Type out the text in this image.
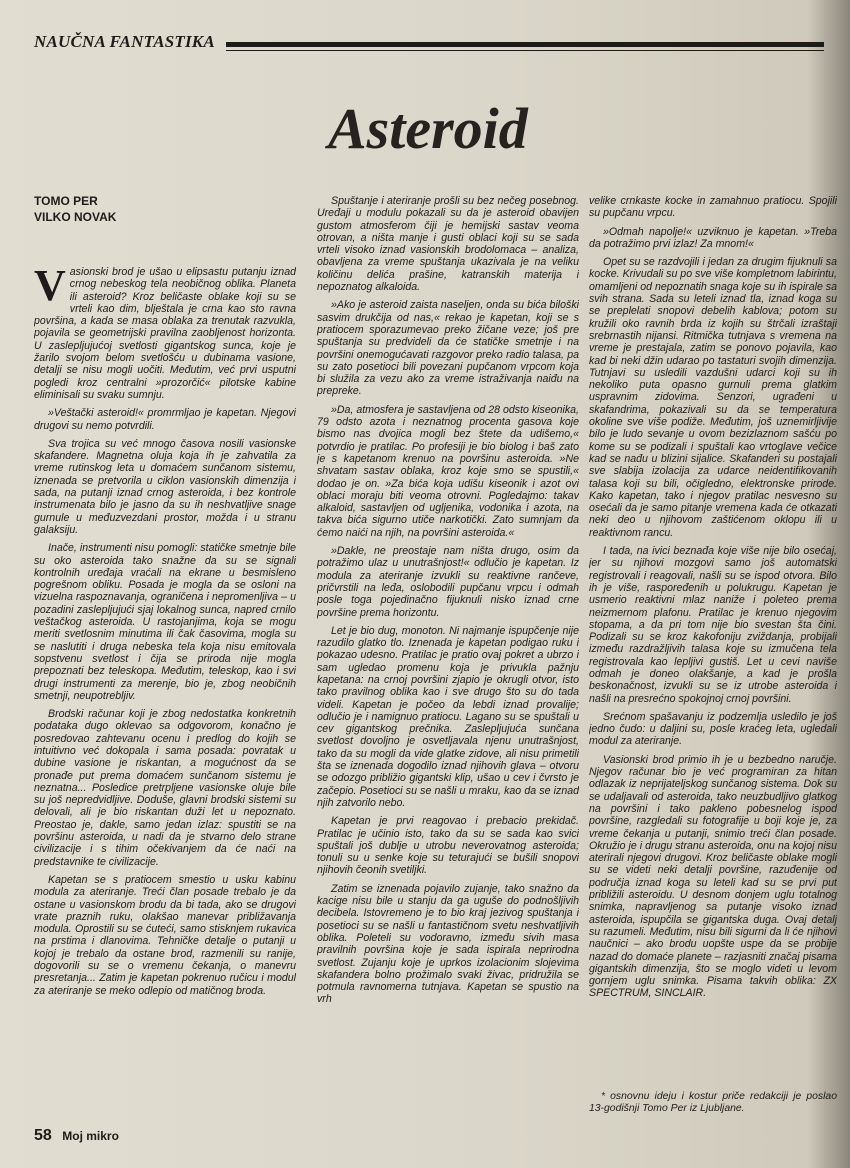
NAUČNA FANTASTIKA
Asteroid
TOMO PER
VILKO NOVAK

Vasionski brod je ušao u elipsastu putanju iznad crnog nebeskog tela neobičnog oblika. Planeta ili asteroid? Kroz beličaste oblake koji su se vrteli kao dim, blještala je crna kao sto ravna površina, a kada se masa oblaka za trenutak razvukla, pojavila se geometrijski pravilna zaobljenost horizonta. U zaslepljujućoj svetlosti gigantskog sunca, koje je žarilo svojom belom svetlošću u dubinama vasione, detalji se nisu mogli uočiti. Međutim, već prvi usputni pogledi kroz centralni »prozorčić« pilotske kabine eliminisali su svaku sumnju.

»Veštački asteroid!« promrmljao je kapetan. Njegovi drugovi su nemo potvrdili.

Sva trojica su već mnogo časova nosili vasionske skafandere. Magnetna oluja koja ih je zahvatila za vreme rutinskog leta u domaćem sunčanom sistemu, iznenada se pretvorila u ciklon vasionskih dimenzija i sada, na putanji iznad crnog asteroida, i bez kontrole instrumenata bilo je jasno da su ih neshvatljive snage gurnule u međuzvezdani prostor, možda i u stranu galaksiju.

Inače, instrumenti nisu pomogli: statičke smetnje bile su oko asteroida tako snažne da su se signali kontrolnih uređaja vraćali na ekrane u besmisleno pogrešnom obliku. Posada je mogla da se osloni na vizuelna raspoznavanja, ograničena i nepromenljiva – u pozadini zaslepljujući sjaj lokalnog sunca, napred crnilo veštačkog asteroida. U rastojanjima, koja se mogu meriti svetlosnim minutima ili čak časovima, mogla su se naslutiti i druga nebeska tela koja nisu emitovala sopstvenu svetlost i čija se priroda nije mogla prepoznati bez teleskopa. Međutim, teleskop, kao i svi drugi instrumenti za merenje, bio je, zbog neobičnih smetnji, neupotrebljiv.

Brodski računar koji je zbog nedostatka konkretnih podataka dugo oklevao sa odgovorom, konačno je posredovao zahtevanu ocenu i predlog do kojih se intuitivno već dokopala i sama posada: povratak u dubine vasione je riskantan, a mogućnost da se pronađe put prema domaćem sunčanom sistemu je neznatna... Posledice pretrpljene vasionske oluje bile su još nepredvidljive. Doduše, glavni brodski sistemi su delovali, ali je bio riskantan duži let u nepoznato. Preostao je, dakle, samo jedan izlaz: spustiti se na površinu asteroida, u nadi da je stvarno delo strane civilizacije i s tihim očekivanjem da će naći na predstavnike te civilizacije.

Kapetan se s pratiocem smestio u usku kabinu modula za ateriranje. Treći član posade trebalo je da ostane u vasionskom brodu da bi tada, ako se drugovi vrate praznih ruku, olakšao manevar približavanja modula. Oprostili su se ćuteći, samo stisknjem rukavica na prstima i dlanovima. Tehničke detalje o putanji u kojoj je trebalo da ostane brod, razmenili su ranije, dogovorili su se o vremenu čekanja, o manevru presretanja... Zatim je kapetan pokrenuo ručicu i modul za ateriranje se meko odlepio od matičnog broda.

Spuštanje i ateriranje prošli su bez nečeg posebnog. Uređaji u modulu pokazali su da je asteroid obavijen gustom atmosferom čiji je hemijski sastav veoma otrovan, a ništa manje i gusti oblaci koji su se sada vrteli visoko iznad vasionskih brodolomaca – analiza, obavljena za vreme spuštanja ukazivala je na veliku količinu delića prašine, katranskih materija i nepoznatog alkaloida.

»Ako je asteroid zaista naseljen, onda su bića biloški sasvim drukčija od nas,« rekao je kapetan, koji se s pratiocem sporazumevao preko žičane veze; još pre spuštanja su predvideli da će statičke smetnje i na površini onemogućavati razgovor preko radio talasa, pa su zato posetioci bili povezani pupčanom vrpcom koja bi služila za vezu ako za vreme istraživanja naiđu na prepreke.

»Da, atmosfera je sastavljena od 28 odsto kiseonika, 79 odsto azota i neznatnog procenta gasova koje bismo nas dvojica mogli bez štete da udišemo,« potvrdio je pratilac. Po profesiji je bio biolog i baš zato je s kapetanom krenuo na površinu asteroida. »Ne shvatam sastav oblaka, kroz koje smo se spustili,« dodao je on. »Za bića koja udišu kiseonik i azot ovi oblaci moraju biti veoma otrovni. Pogledajmo: takav alkaloid, sastavljen od ugljenika, vodonika i azota, na takva bića sigurno utiče narkotički. Zato sumnjam da ćemo naići na njih, na površini asteroida.«

»Dakle, ne preostaje nam ništa drugo, osim da potražimo ulaz u unutrašnjost!« odlučio je kapetan. Iz modula za ateriranje izvukli su reaktivne rančeve, pričvrstili na leđa, oslobodili pupčanu vrpcu i odmah posle toga pojedinačno fijuknuli nisko iznad crne površine prema horizontu.

Let je bio dug, monoton. Ni najmanje ispupčenje nije razudilo glatko tlo. Iznenada je kapetan podigao ruku i pokazao udesno. Pratilac je pratio ovaj pokret a ubrzo i sam ugledao promenu koja je privukla pažnju kapetana: na crnoj površini zjapio je okrugli otvor, isto tako pravilnog oblika kao i sve drugo što su do tada videli. Kapetan je počeo da lebdi iznad provalije; odlučio je i namignuo pratiocu. Lagano su se spuštali u cev gigantskog prečnika. Zaslepljujuća sunčana svetlost dovoljno je osvetljavala njenu unutrašnjost, tako da su mogli da vide glatke zidove, ali nisu primetili šta se iznenada dogodilo iznad njihovih glava – otvoru se odozgo približio gigantski klip, ušao u cev i čvrsto je začepio. Posetioci su se našli u mraku, kao da se iznad njih zatvorilo nebo.

Kapetan je prvi reagovao i prebacio prekidač. Pratilac je učinio isto, tako da su se sada kao svici spuštali još dublje u utrobu neverovatnog asteroida; tonuli su u senke koje su teturajući se bušili snopovi njihovih čeonih svetiljki.

Zatim se iznenada pojavilo zujanje, tako snažno da kacige nisu bile u stanju da ga uguše do podnošljivih decibela. Istovremeno je to bio kraj jezivog spuštanja i posetioci su se našli u fantastičnom svetu neshvatljivih oblika. Poleteli su vodoravno, između sivih masa pravilnih površina koje je sada ispirala neprirodna svetlost. Zujanju koje je uprkos izolacionim slojevima skafandera bolno prožimalo svaki živac, pridružila se potmula ravnomerna tutnjava. Kapetan se spustio na vrh

velike crnkaste kocke in zamahnuo pratiocu. Spojili su pupčanu vrpcu.

»Odmah napolje!« uzviknuo je kapetan. »Treba da potražimo prvi izlaz! Za mnom!«

Opet su se razdvojili i jedan za drugim fijuknuli sa kocke. Krivudali su po sve više kompletnom labirintu, omamljeni od nepoznatih snaga koje su ih ispirale sa svih strana. Sada su leteli iznad tla, iznad koga su se preplelati snopovi debelih kablova; potom su kružili oko ravnih brda iz kojih su štrčali izraštaji srebrnastih nijansi. Ritmička tutnjava s vremena na vreme je prestajala, zatim se ponovo pojavila, kao kad bi neki džin udarao po tastaturi svojih dimenzija. Tutnjavi su usledili vazdušni udarci koji su ih nekoliko puta opasno gurnuli prema glatkim uspravnim zidovima. Senzori, ugrađeni u skafandrima, pokazivali su da se temperatura okoline sve više podiže. Međutim, još uznemirljivije bilo je ludo sevanje u ovom bezizlaznom sašću po kome su se podizali i spuštali kao vrtoglave večice kad se nađu u blizini sijalice. Skafanderi su postajali sve slabija izolacija za udarce neidentifikovanih talasa koji su bili, očigledno, elektronske prirode. Kako kapetan, tako i njegov pratilac nesvesno su osećali da je samo pitanje vremena kada će otkazati neki deo u njihovom zaštićenom oklopu ili u reaktivnom rancu.

I tada, na ivici beznađa koje više nije bilo osećaj, jer su njihovi mozgovi samo još automatski registrovali i reagovali, našli su se ispod otvora. Bilo ih je više, raspoređenih u polukrugu. Kapetan je usmerio reaktivni mlaz naniže i poleteo prema neizmernom plafonu. Pratilac je krenuo njegovim stopama, a da pri tom nije bio svestan šta čini. Podizali su se kroz kakofoniju zviždanja, probijali između razdražljivih talasa koje su izmučena tela registrovala kao lepljivi gustiš. Let u cevi naviše odmah je doneo olakšanje, a kad je prošla beskonačnost, izvukli su se iz utrobe asteroida i našli na presrećno spokojnoj crnoj površini.

Srećnom spašavanju iz podzemlja usledilo je još jedno čudo: u daljini su, posle kraćeg leta, ugledali modul za ateriranje.

Vasionski brod primio ih je u bezbedno naručje. Njegov računar bio je već programiran za hitan odlazak iz neprijateljskog sunčanog sistema. Dok su se udaljavali od asteroida, tako neuzbudljivo glatkog na površini i tako pakleno pobesnelog ispod površine, razgledali su fotografije u boji koje je, za vreme čekanja u putanji, snimio treći član posade. Okružio je i drugu stranu asteroida, onu na kojoj nisu aterirali njegovi drugovi. Kroz beličaste oblake mogli su se videti neki detalji površine, razuđenije od područja iznad koga su leteli kad su se prvi put približili asteroidu. U desnom donjem uglu totalnog snimka, napravljenog sa putanje visoko iznad asteroida, ispupčila se gigantska duga. Ovaj detalj su razumeli. Međutim, nisu bili sigurni da li će njihovi naučnici – ako brodu uopšte uspe da se probije nazad do domaće planete – razjasniti značaj pisama gigantskih dimenzija, što se moglo videti u levom gornjem uglu snimka. Pisama takvih oblika: ZX SPECTRUM, SINCLAIR.

* osnovnu ideju i kostur priče redakciji je poslao 13-godišnji Tomo Per iz Ljubljane.
58 Moj mikro
